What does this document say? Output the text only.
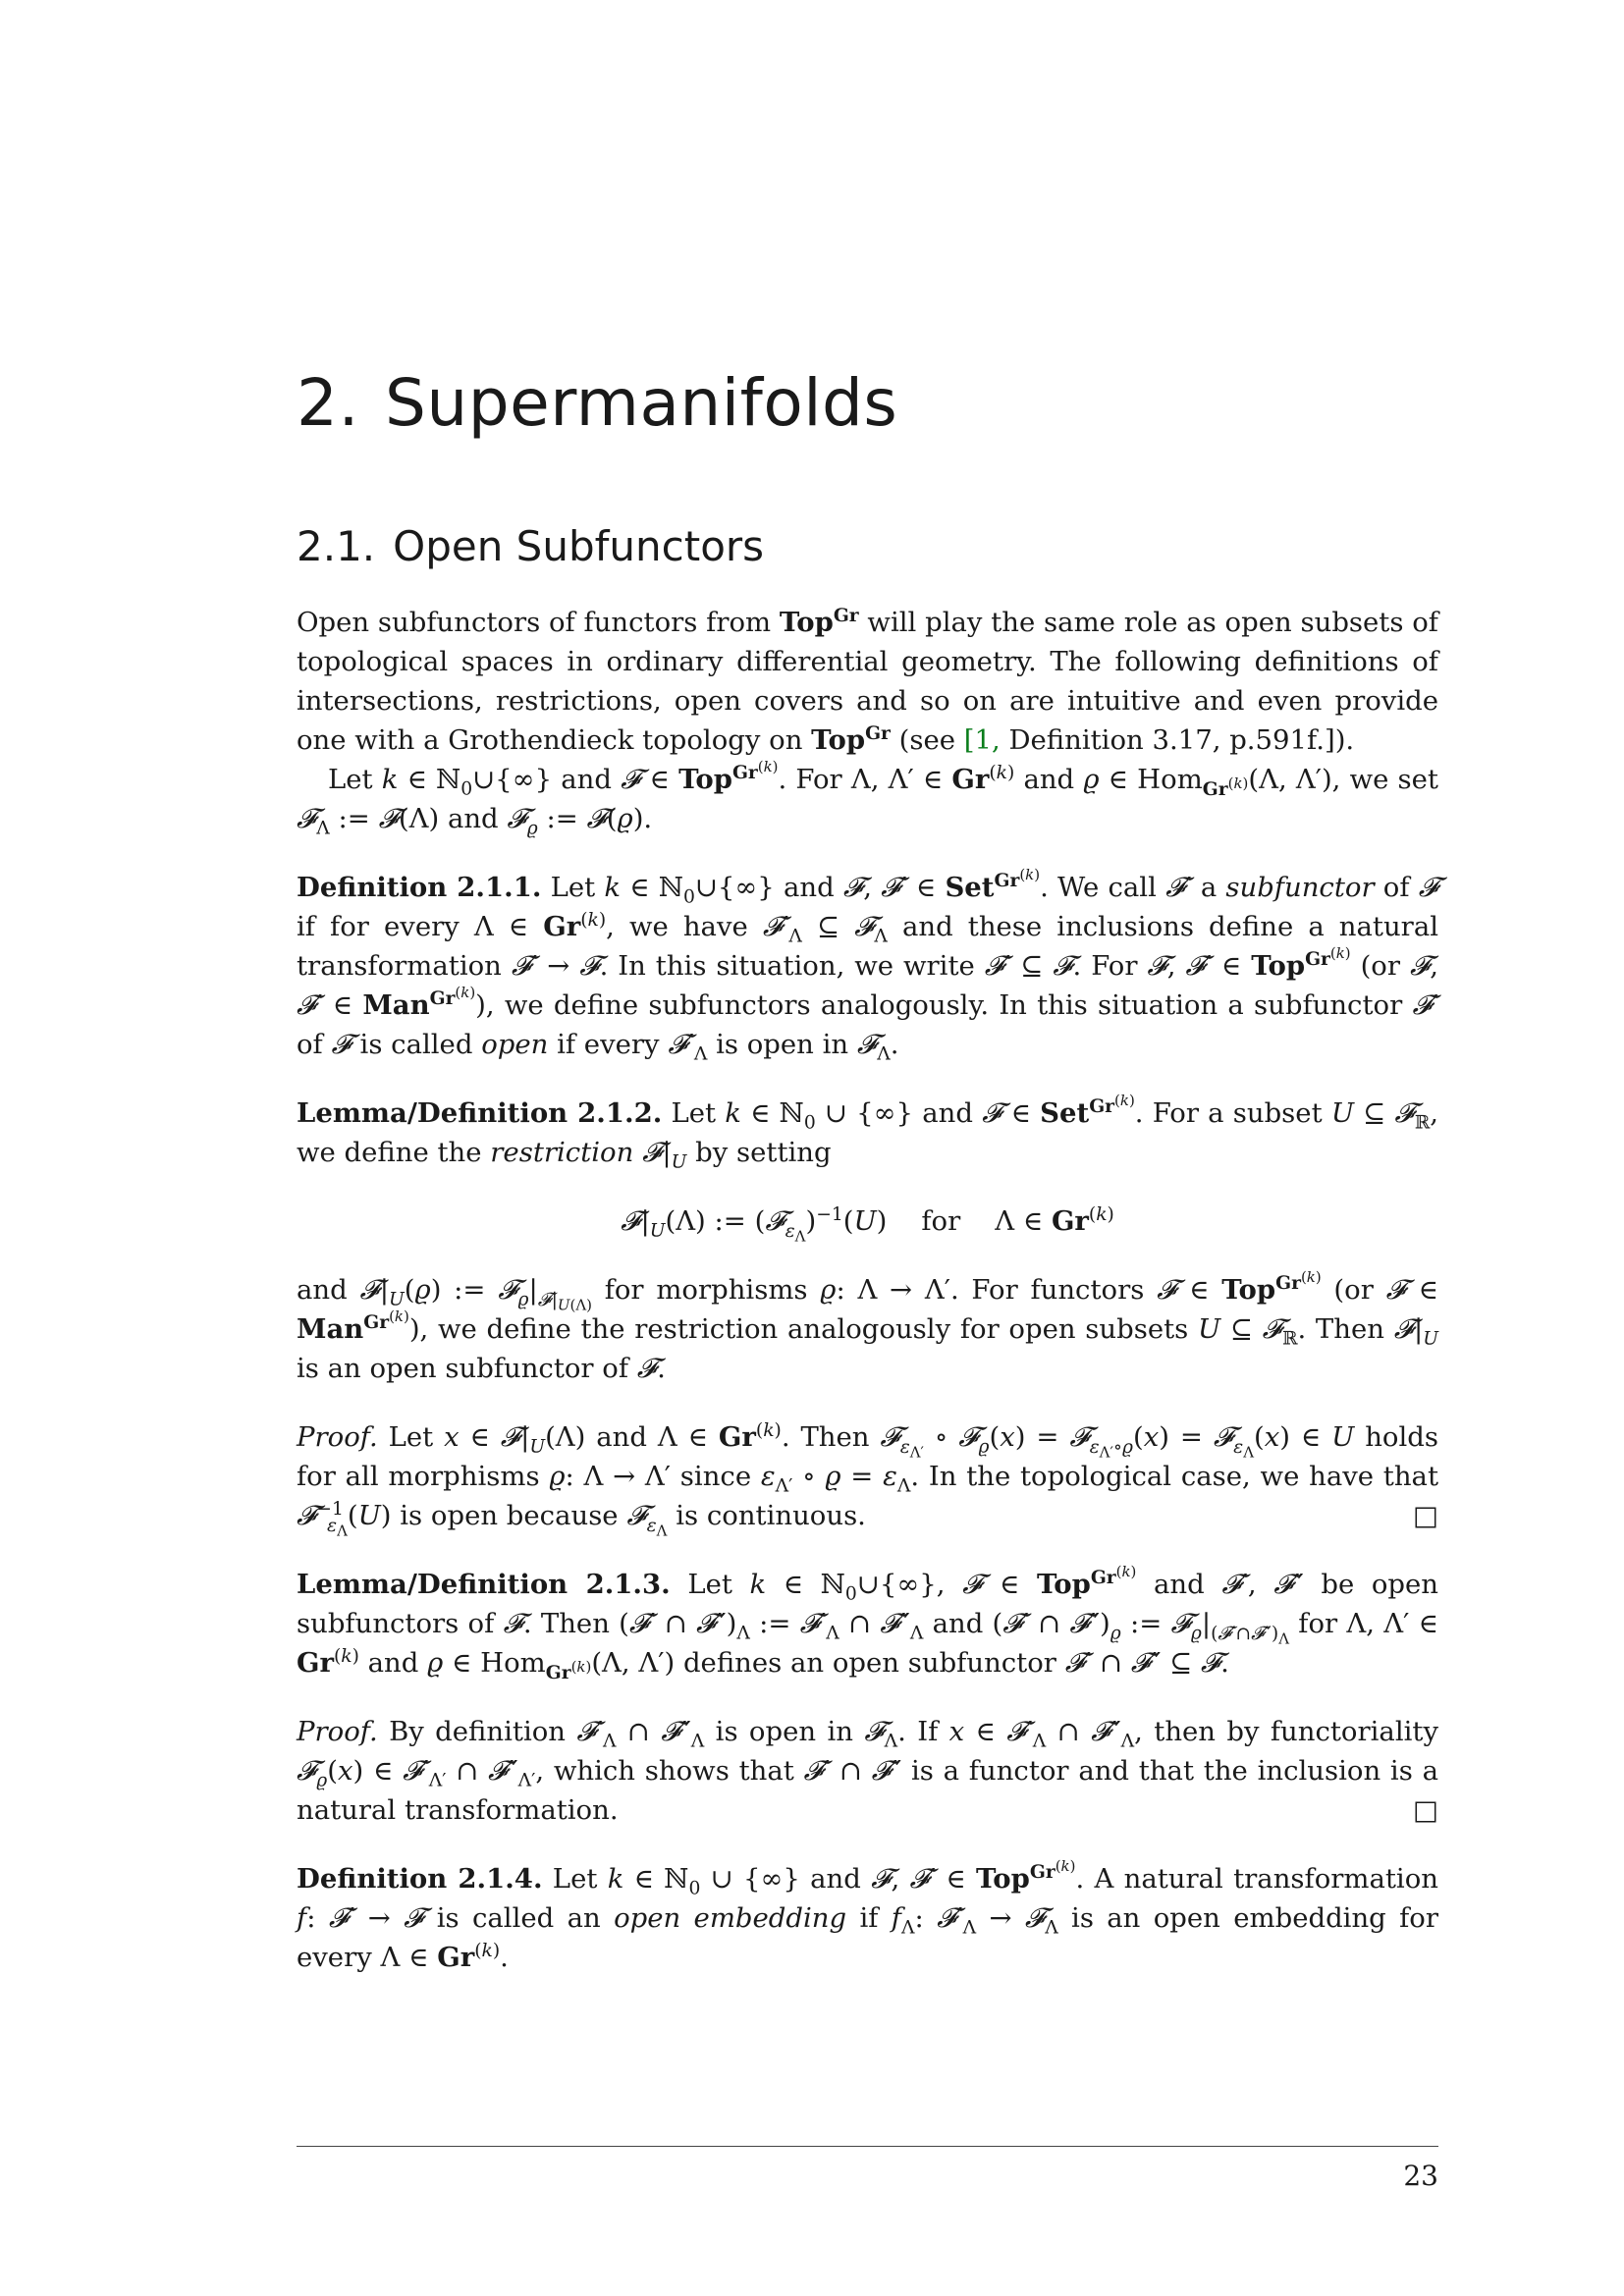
2. Supermanifolds
2.1. Open Subfunctors

Open subfunctors of functors from Top$^{Gr}$ will play the same role as open subsets of topological spaces in ordinary differential geometry. The following definitions of intersections, restrictions, open covers and so on are intuitive and even provide one with a Grothendieck topology on Top$^{Gr}$ (see [1, Definition 3.17, p.591f.]).

Let k ∈ ℕ$_0$∪{∞} and 𝓕 ∈ Top$^{Gr^{(k)}}$. For Λ, Λ′ ∈ Gr$^{(k)}$ and ϱ ∈ Hom$_{Gr^{(k)}}$(Λ, Λ′), we set 𝓕$_\Lambda$ := 𝓕(Λ) and 𝓕$_ϱ$ := 𝓕(ϱ).

Definition 2.1.1. Let k ∈ ℕ$_0$∪{∞} and 𝓕, 𝓕′ ∈ Set$^{Gr^{(k)}}$. We call 𝓕′ a subfunctor of 𝓕 if for every Λ ∈ Gr$^{(k)}$, we have $𝓕'_\Lambda$ ⊆ 𝓕$_\Lambda$ and these inclusions define a natural transformation 𝓕′ → 𝓕. In this situation, we write 𝓕′ ⊆ 𝓕. For 𝓕, 𝓕′ ∈ Top$^{Gr^{(k)}}$ (or 𝓕, 𝓕′ ∈ Man$^{Gr^{(k)}}$), we define subfunctors analogously. In this situation a subfunctor 𝓕′ of 𝓕 is called open if every $𝓕'_\Lambda$ is open in 𝓕$_\Lambda$.

Lemma/Definition 2.1.2. Let k ∈ ℕ$_0$ ∪ {∞} and 𝓕 ∈ Set$^{Gr^{(k)}}$. For a subset U ⊆ 𝓕$_ℝ$, we define the restriction $𝓕|_U$ by setting

$𝓕|_U(\Lambda)$ := (𝓕$_{\varepsilon_\Lambda}$)$^{-1}$(U)    for    Λ ∈ Gr$^{(k)}$

and $𝓕|_U(ϱ)$ := $𝓕_ϱ|_{𝓕|_{U(\Lambda)}}$ for morphisms ϱ: Λ → Λ′. For functors 𝓕 ∈ Top$^{Gr^{(k)}}$ (or 𝓕 ∈ Man$^{Gr^{(k)}}$), we define the restriction analogously for open subsets U ⊆ 𝓕$_ℝ$. Then $𝓕|_U$ is an open subfunctor of 𝓕.

Proof. Let x ∈ $𝓕|_U(\Lambda)$ and Λ ∈ Gr$^{(k)}$. Then 𝓕$_{\varepsilon_{\Lambda'}}$ ∘ 𝓕$_ϱ$(x) = 𝓕$_{\varepsilon_{\Lambda'}\circ ϱ}$(x) = 𝓕$_{\varepsilon_\Lambda}$(x) ∈ U holds for all morphisms ϱ: Λ → Λ′ since $\varepsilon_{\Lambda'}$ ∘ $ϱ = \varepsilon_\Lambda$. In the topological case, we have that 𝓕$^{-1}_{\varepsilon_\Lambda}$(U) is open because 𝓕$_{\varepsilon_\Lambda}$ is continuous.	□

Lemma/Definition 2.1.3. Let k ∈ ℕ$_0$∪{∞}, 𝓕 ∈ Top$^{Gr^{(k)}}$ and 𝓕′, 𝓕″ be open subfunctors of 𝓕. Then (𝓕′ ∩ $𝓕'')_\Lambda$ := $𝓕'_\Lambda$ ∩ $𝓕''_\Lambda$ and (𝓕′ ∩ $𝓕'')_ϱ$ := $𝓕_ϱ|_{(𝓕'\cap 𝓕'')_\Lambda}$ for Λ, Λ′ ∈ Gr$^{(k)}$ and ϱ ∈ Hom$_{Gr^{(k)}}$(Λ, Λ′) defines an open subfunctor 𝓕′ ∩ 𝓕″ ⊆ 𝓕.

Proof. By definition $𝓕'_\Lambda$ ∩ $𝓕''_\Lambda$ is open in 𝓕$_\Lambda$. If x ∈ $𝓕'_\Lambda$ ∩ $𝓕''_\Lambda$, then by functoriality 𝓕$_ϱ$(x) ∈ $𝓕'_{\Lambda'}$ ∩ $𝓕''_{\Lambda'}$, which shows that 𝓕′ ∩ 𝓕″ is a functor and that the inclusion is a natural transformation.	□

Definition 2.1.4. Let k ∈ ℕ$_0$ ∪ {∞} and 𝓕, 𝓕′ ∈ Top$^{Gr^{(k)}}$. A natural transformation f: 𝓕′ → 𝓕 is called an open embedding if $f_\Lambda$: $𝓕'_\Lambda$ → 𝓕$_\Lambda$ is an open embedding for every Λ ∈ Gr$^{(k)}$.

23
